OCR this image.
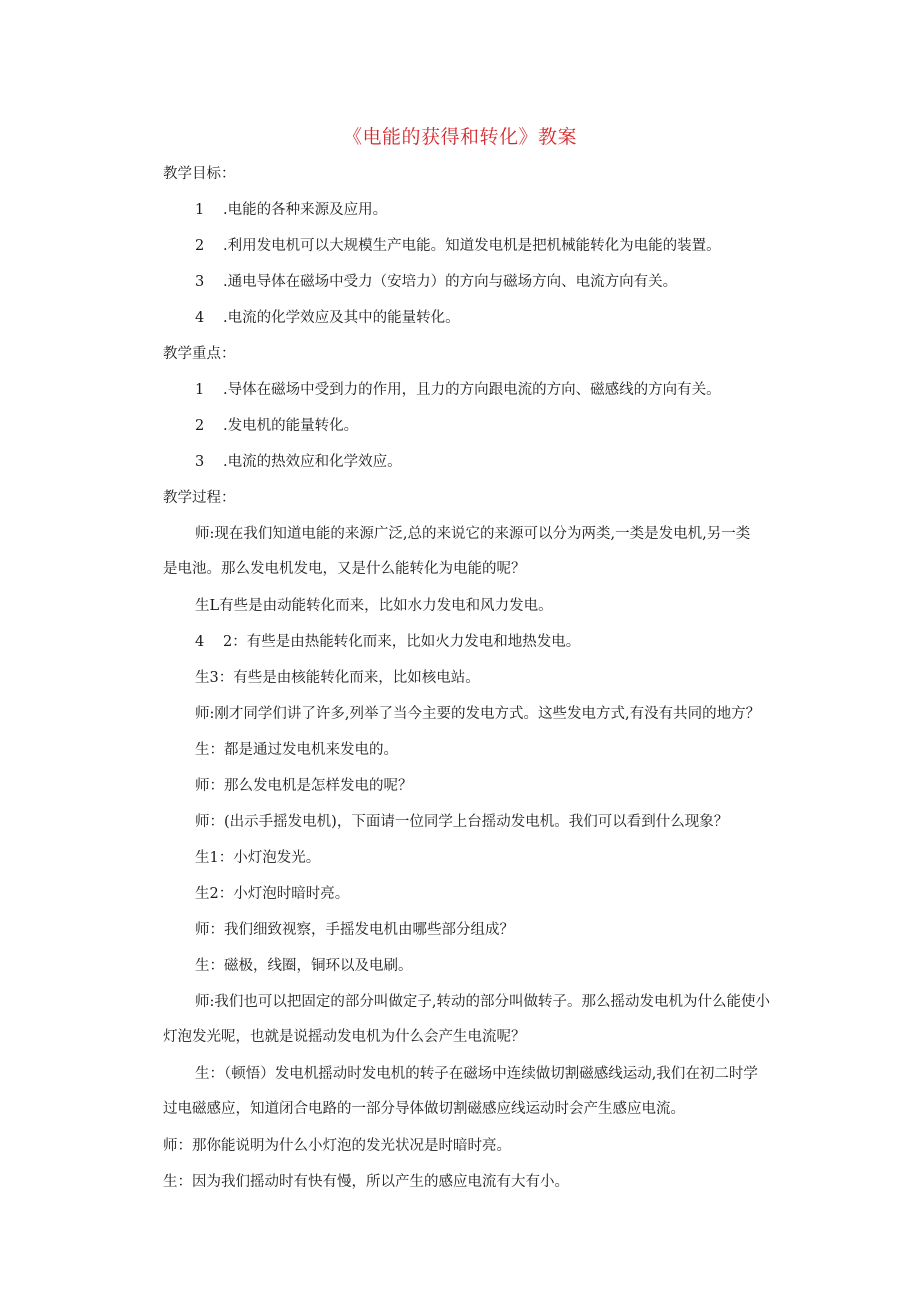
《电能的获得和转化》教案
教学目标：
1 .电能的各种来源及应用。
2 .利用发电机可以大规模生产电能。知道发电机是把机械能转化为电能的装置。
3 .通电导体在磁场中受力（安培力）的方向与磁场方向、电流方向有关。
4 .电流的化学效应及其中的能量转化。
教学重点：
1 .导体在磁场中受到力的作用，且力的方向跟电流的方向、磁感线的方向有关。
2 .发电机的能量转化。
3 .电流的热效应和化学效应。
教学过程：
师:现在我们知道电能的来源广泛,总的来说它的来源可以分为两类,一类是发电机,另一类
是电池。那么发电机发电，又是什么能转化为电能的呢？
生L有些是由动能转化而来，比如水力发电和风力发电。
4 2：有些是由热能转化而来，比如火力发电和地热发电。
生3：有些是由核能转化而来，比如核电站。
师:刚才同学们讲了许多,列举了当今主要的发电方式。这些发电方式,有没有共同的地方？
生：都是通过发电机来发电的。
师：那么发电机是怎样发电的呢？
师：(出示手摇发电机)，下面请一位同学上台摇动发电机。我们可以看到什么现象？
生1：小灯泡发光。
生2：小灯泡时暗时亮。
师：我们细致视察，手摇发电机由哪些部分组成？
生：磁极，线圈，铜环以及电刷。
师:我们也可以把固定的部分叫做定子,转动的部分叫做转子。那么摇动发电机为什么能使小
灯泡发光呢，也就是说摇动发电机为什么会产生电流呢？
生：（顿悟）发电机摇动时发电机的转子在磁场中连续做切割磁感线运动,我们在初二时学
过电磁感应，知道闭合电路的一部分导体做切割磁感应线运动时会产生感应电流。
师：那你能说明为什么小灯泡的发光状况是时暗时亮。
生：因为我们摇动时有快有慢，所以产生的感应电流有大有小。
